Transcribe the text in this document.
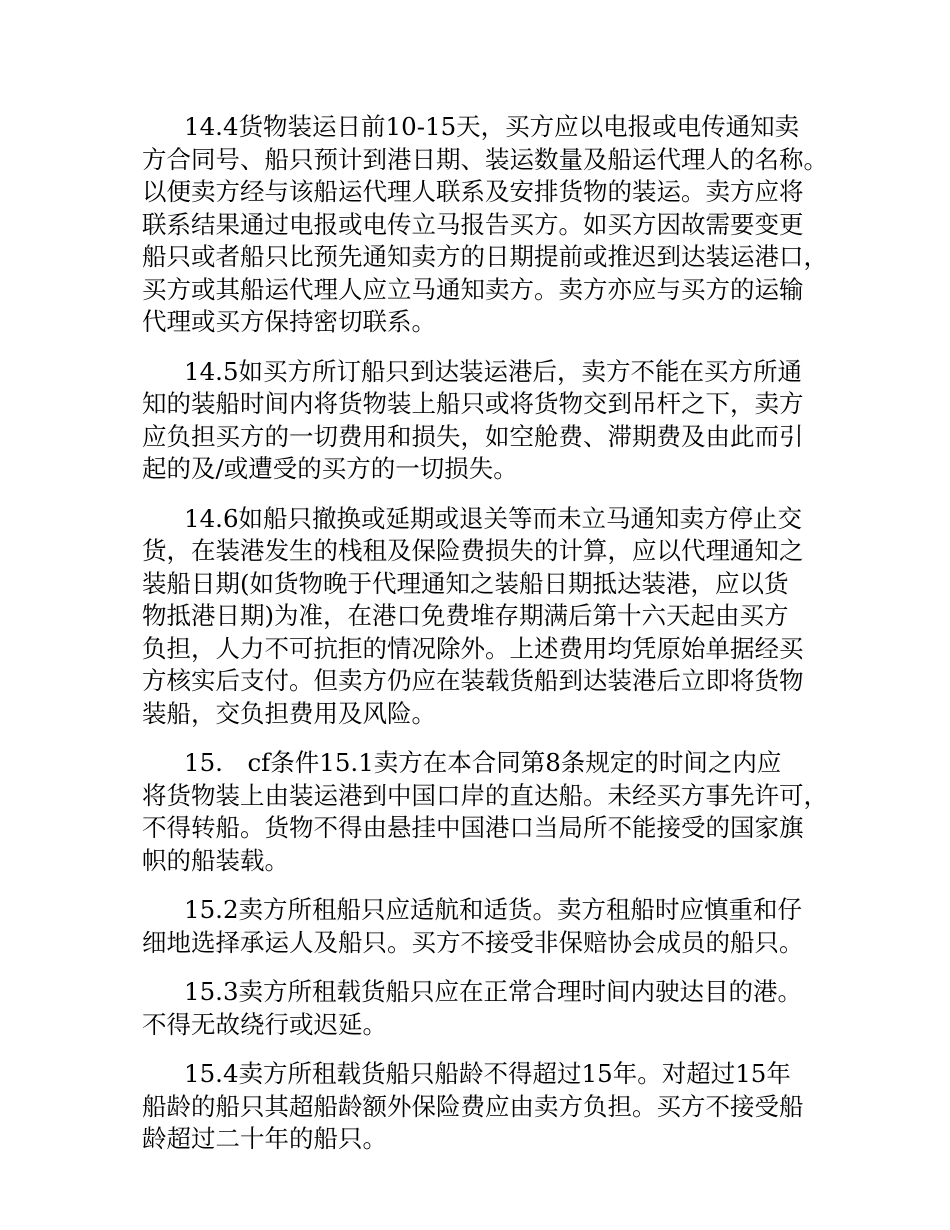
14.4货物装运日前10-15天，买方应以电报或电传通知卖
方合同号、船只预计到港日期、装运数量及船运代理人的名称。
以便卖方经与该船运代理人联系及安排货物的装运。卖方应将
联系结果通过电报或电传立马报告买方。如买方因故需要变更
船只或者船只比预先通知卖方的日期提前或推迟到达装运港口，
买方或其船运代理人应立马通知卖方。卖方亦应与买方的运输
代理或买方保持密切联系。
14.5如买方所订船只到达装运港后，卖方不能在买方所通
知的装船时间内将货物装上船只或将货物交到吊杆之下，卖方
应负担买方的一切费用和损失，如空舱费、滞期费及由此而引
起的及/或遭受的买方的一切损失。
14.6如船只撤换或延期或退关等而未立马通知卖方停止交
货，在装港发生的栈租及保险费损失的计算，应以代理通知之
装船日期(如货物晚于代理通知之装船日期抵达装港，应以货
物抵港日期)为准，在港口免费堆存期满后第十六天起由买方
负担，人力不可抗拒的情况除外。上述费用均凭原始单据经买
方核实后支付。但卖方仍应在装载货船到达装港后立即将货物
装船，交负担费用及风险。
15.　cf条件15.1卖方在本合同第8条规定的时间之内应
将货物装上由装运港到中国口岸的直达船。未经买方事先许可，
不得转船。货物不得由悬挂中国港口当局所不能接受的国家旗
帜的船装载。
15.2卖方所租船只应适航和适货。卖方租船时应慎重和仔
细地选择承运人及船只。买方不接受非保赔协会成员的船只。
15.3卖方所租载货船只应在正常合理时间内驶达目的港。
不得无故绕行或迟延。
15.4卖方所租载货船只船龄不得超过15年。对超过15年
船龄的船只其超船龄额外保险费应由卖方负担。买方不接受船
龄超过二十年的船只。
